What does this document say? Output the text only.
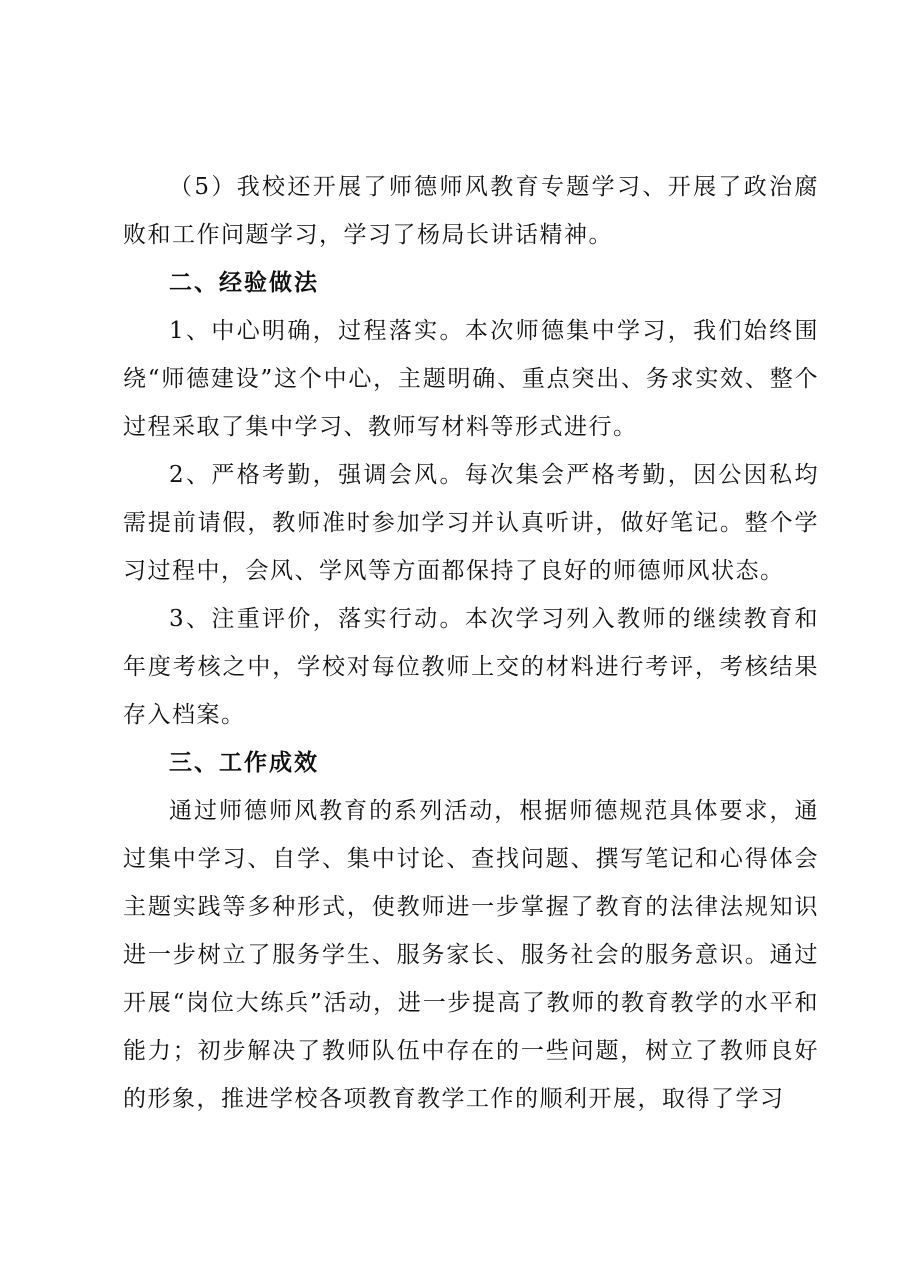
（5）我校还开展了师德师风教育专题学习、开展了政治腐败和工作问题学习，学习了杨局长讲话精神。

二、经验做法

1、中心明确，过程落实。本次师德集中学习，我们始终围绕“师德建设”这个中心，主题明确、重点突出、务求实效、整个过程采取了集中学习、教师写材料等形式进行。

2、严格考勤，强调会风。每次集会严格考勤，因公因私均需提前请假，教师准时参加学习并认真听讲，做好笔记。整个学习过程中，会风、学风等方面都保持了良好的师德师风状态。

3、注重评价，落实行动。本次学习列入教师的继续教育和年度考核之中，学校对每位教师上交的材料进行考评，考核结果存入档案。

三、工作成效

通过师德师风教育的系列活动，根据师德规范具体要求，通过集中学习、自学、集中讨论、查找问题、撰写笔记和心得体会主题实践等多种形式，使教师进一步掌握了教育的法律法规知识进一步树立了服务学生、服务家长、服务社会的服务意识。通过开展“岗位大练兵”活动，进一步提高了教师的教育教学的水平和能力；初步解决了教师队伍中存在的一些问题，树立了教师良好的形象，推进学校各项教育教学工作的顺利开展，取得了学习
